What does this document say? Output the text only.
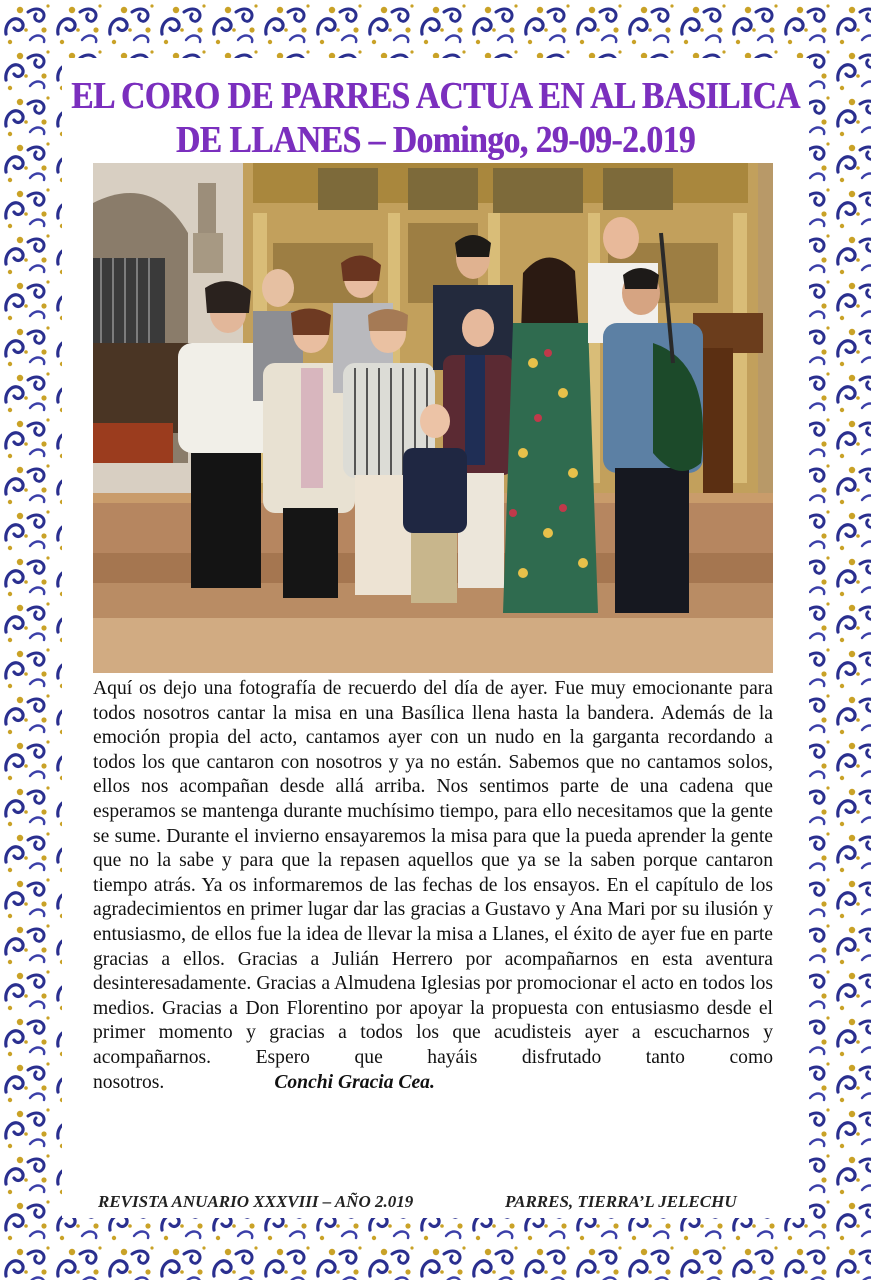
EL CORO DE PARRES ACTUA EN AL BASILICA
DE LLANES – Domingo, 29-09-2.019

Aquí os dejo una fotografía de recuerdo del día de ayer. Fue muy emocionante para todos nosotros cantar la misa en una Basílica llena hasta la bandera. Además de la emoción propia del acto, cantamos ayer con un nudo en la garganta recordando a todos los que cantaron con nosotros y ya no están. Sabemos que no cantamos solos, ellos nos acompañan desde allá arriba. Nos sentimos parte de una cadena que esperamos se mantenga durante muchísimo tiempo, para ello necesitamos que la gente se sume. Durante el invierno ensayaremos la misa para que la pueda aprender la gente que no la sabe y para que la repasen aquellos que ya se la saben porque cantaron tiempo atrás. Ya os informaremos de las fechas de los ensayos. En el capítulo de los agradecimientos en primer lugar dar las gracias a Gustavo y Ana Mari por su ilusión y entusiasmo, de ellos fue la idea de llevar la misa a Llanes, el éxito de ayer fue en parte gracias a ellos. Gracias a Julián Herrero por acompañarnos en esta aventura desinteresadamente. Gracias a Almudena Iglesias por promocionar el acto en todos los medios. Gracias a Don Florentino por apoyar la propuesta con entusiasmo desde el primer momento y gracias a todos los que acudisteis ayer a escucharnos y acompañarnos. Espero que hayáis disfrutado tanto como nosotros.	Conchi Gracia Cea.

REVISTA ANUARIO XXXVIII – AÑO 2.019	PARRES, TIERRA’L JELECHU
